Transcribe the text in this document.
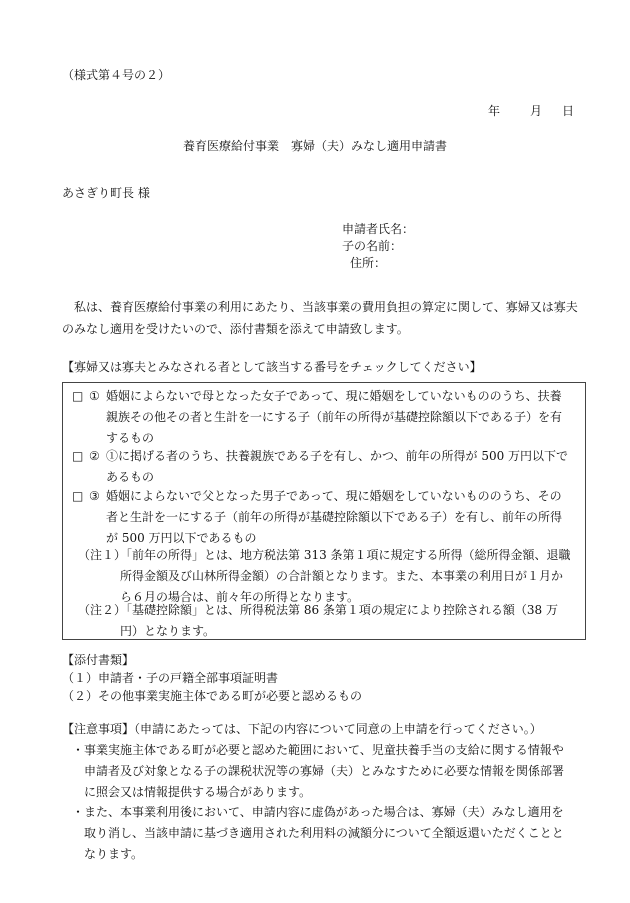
（様式第４号の２）
年	月 日
養育医療給付事業　寡婦（夫）みなし適用申請書
あさぎり町長 様
申請者氏名：
子の名前：
住所：
私は、養育医療給付事業の利用にあたり、当該事業の費用負担の算定に関して、寡婦又は寡夫のみなし適用を受けたいので、添付書類を添えて申請致します。
【寡婦又は寡夫とみなされる者として該当する番号をチェックしてください】
□ ① 婚姻によらないで母となった女子であって、現に婚姻をしていないもののうち、扶養親族その他その者と生計を一にする子（前年の所得が基礎控除額以下である子）を有するもの
□ ② ①に掲げる者のうち、扶養親族である子を有し、かつ、前年の所得が 500 万円以下であるもの
□ ③ 婚姻によらないで父となった男子であって、現に婚姻をしていないもののうち、その者と生計を一にする子（前年の所得が基礎控除額以下である子）を有し、前年の所得が 500 万円以下であるもの
（注１）
「前年の所得」とは、地方税法第 313 条第１項に規定する所得（総所得金額、退職所得金額及び山林所得金額）の合計額となります。また、本事業の利用日が１月から６月の場合は、前々年の所得となります。
（注２）
「基礎控除額」とは、所得税法第 86 条第１項の規定により控除される額（38 万円）となります。
【添付書類】
（１）申請者・子の戸籍全部事項証明書
（２）その他事業実施主体である町が必要と認めるもの
【注意事項】（申請にあたっては、下記の内容について同意の上申請を行ってください。）
・ 事業実施主体である町が必要と認めた範囲において、児童扶養手当の支給に関する情報や申請者及び対象となる子の課税状況等の寡婦（夫）とみなすために必要な情報を関係部署に照会又は情報提供する場合があります。
・ また、本事業利用後において、申請内容に虚偽があった場合は、寡婦（夫）みなし適用を取り消し、当該申請に基づき適用された利用料の減額分について全額返還いただくこととなります。
